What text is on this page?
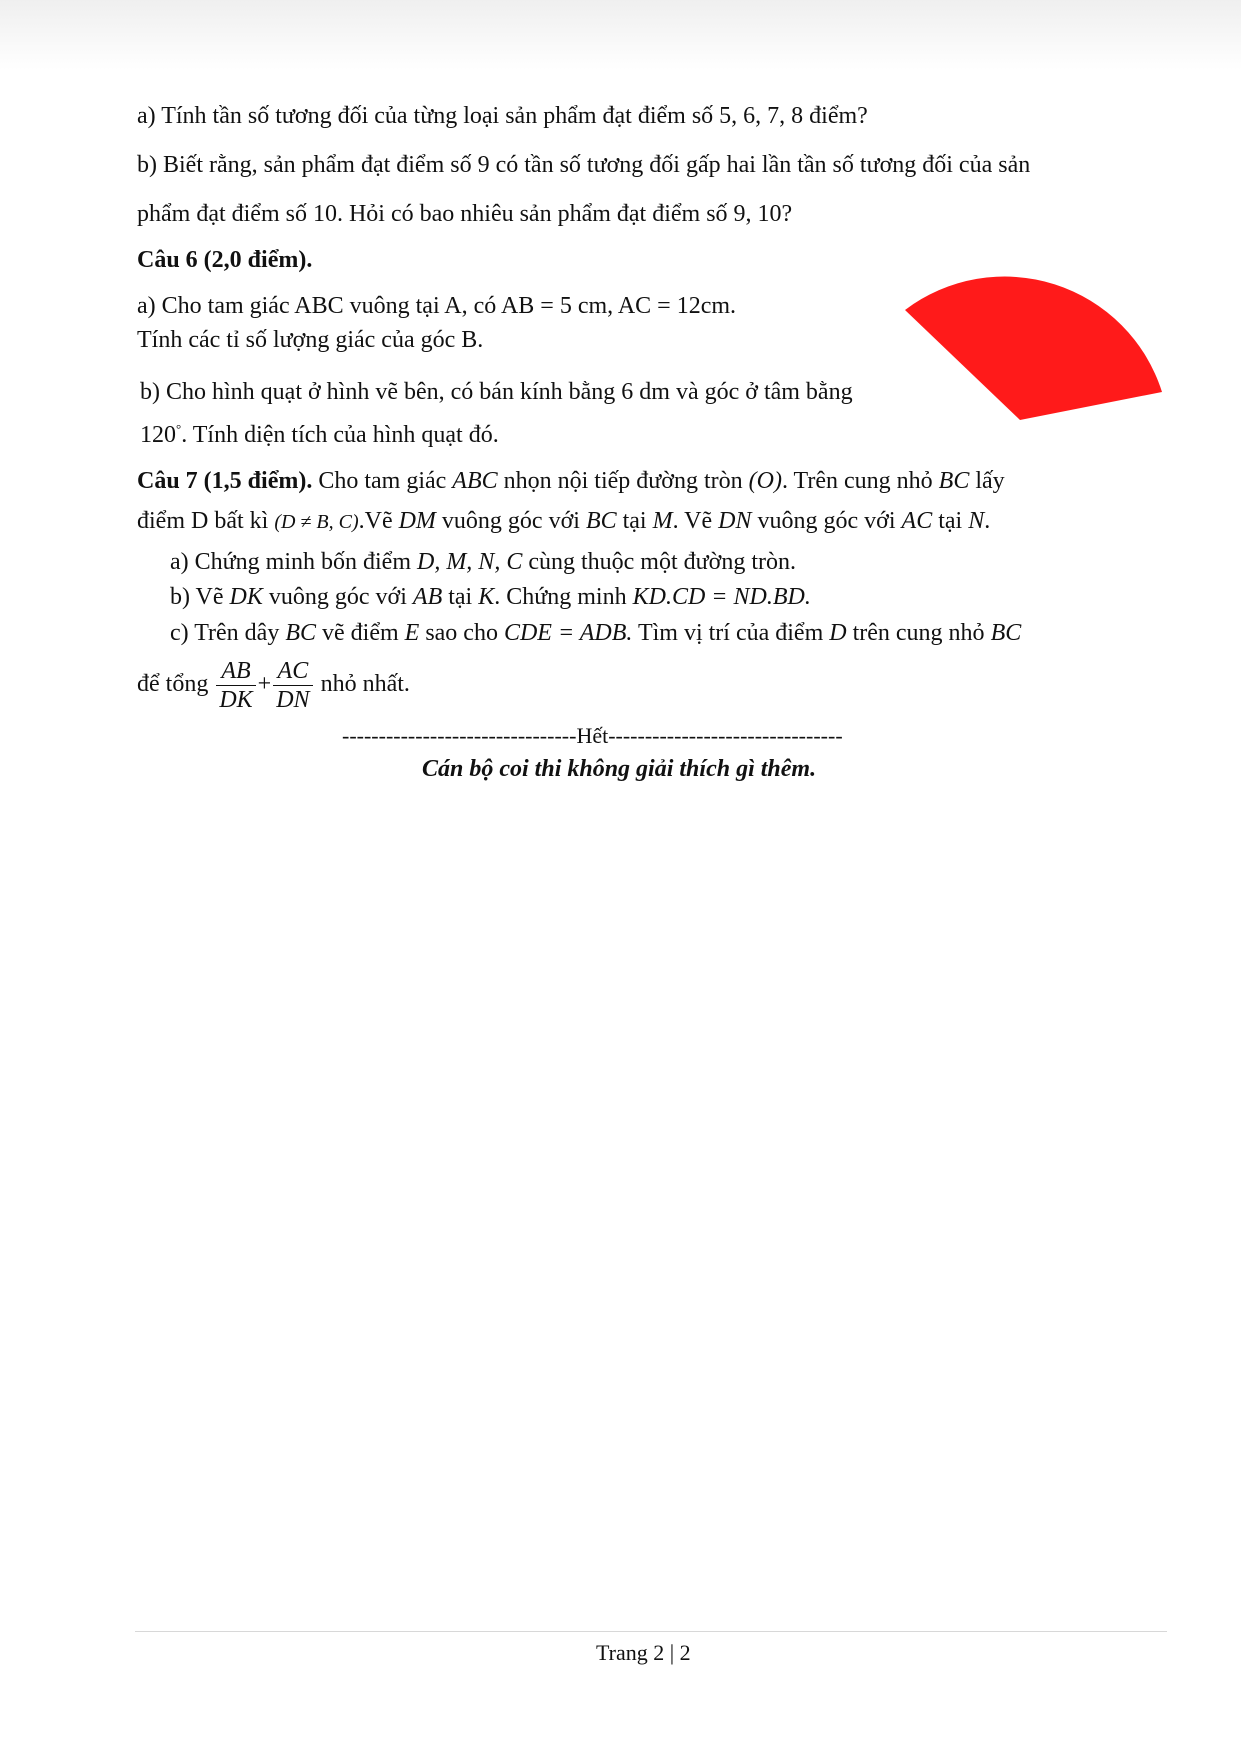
a) Tính tần số tương đối của từng loại sản phẩm đạt điểm số 5, 6, 7, 8 điểm?
b) Biết rằng, sản phẩm đạt điểm số 9 có tần số tương đối gấp hai lần tần số tương đối của sản
phẩm đạt điểm số 10. Hỏi có bao nhiêu sản phẩm đạt điểm số 9, 10?
Câu 6 (2,0 điểm).
a) Cho tam giác ABC vuông tại A, có AB = 5 cm, AC = 12cm.
Tính các tỉ số lượng giác của góc B.
b) Cho hình quạt ở hình vẽ bên, có bán kính bằng 6 dm và góc ở tâm bằng
120°. Tính diện tích của hình quạt đó.
Câu 7 (1,5 điểm). Cho tam giác ABC nhọn nội tiếp đường tròn (O). Trên cung nhỏ BC lấy
điểm D bất kì (D ≠ B, C).Vẽ DM vuông góc với BC tại M. Vẽ DN vuông góc với AC tại N.
a) Chứng minh bốn điểm D, M, N, C cùng thuộc một đường tròn.
b) Vẽ DK vuông góc với AB tại K. Chứng minh KD.CD = ND.BD.
c) Trên dây BC vẽ điểm E sao cho CDE = ADB. Tìm vị trí của điểm D trên cung nhỏ BC
để tổng $\frac{AB}{DK} + \frac{AC}{DN}$ nhỏ nhất.
--------------------------------Hết--------------------------------
Cán bộ coi thi không giải thích gì thêm.
Trang 2 | 2
